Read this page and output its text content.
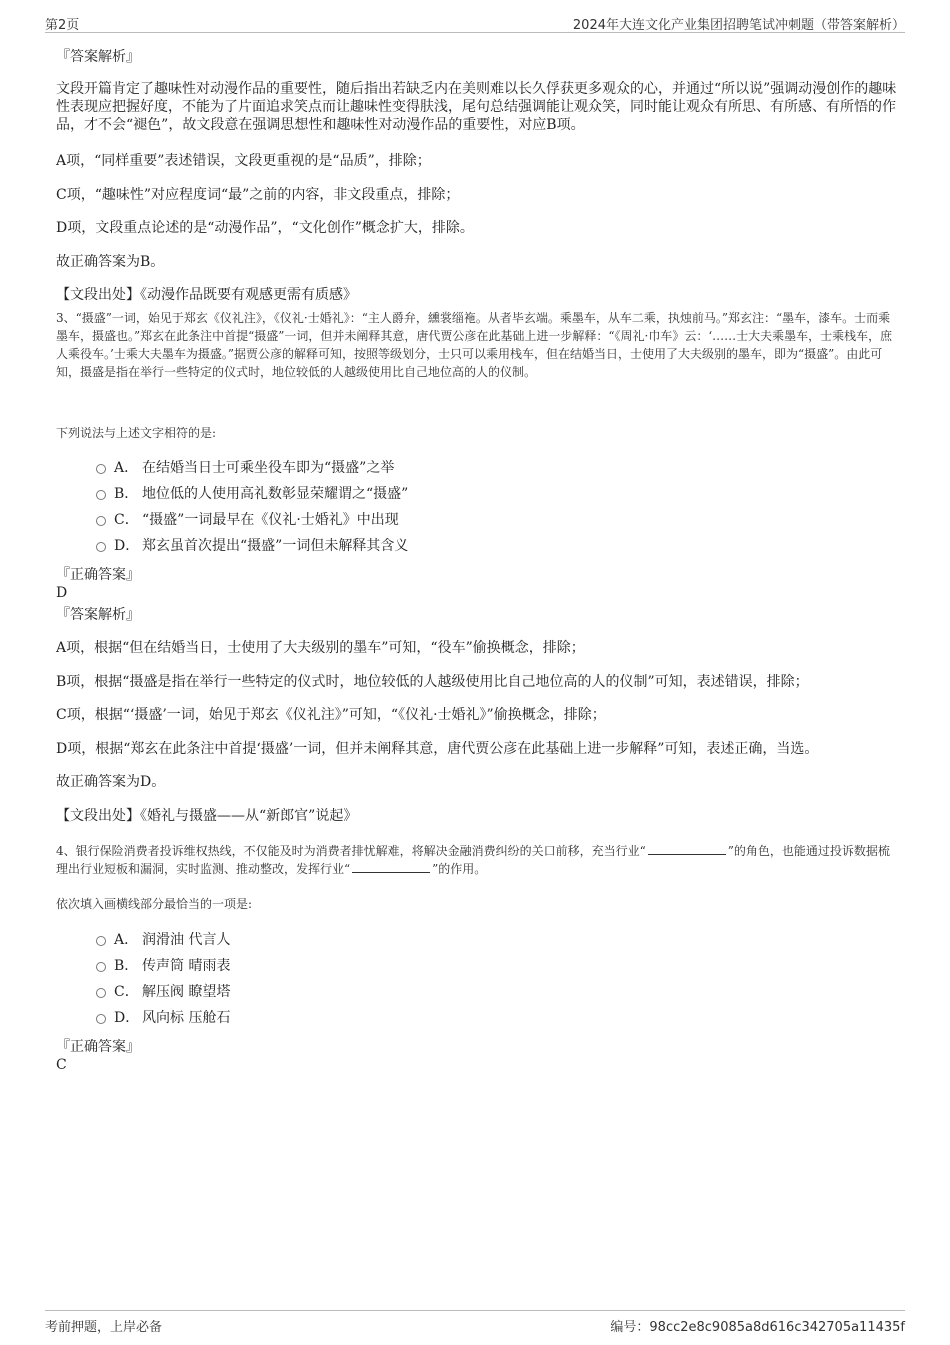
第2页	2024年大连文化产业集团招聘笔试冲刺题（带答案解析）
『答案解析』
文段开篇肯定了趣味性对动漫作品的重要性，随后指出若缺乏内在美则难以长久俘获更多观众的心，并通过“所以说”强调动漫创作的趣味性表现应把握好度，不能为了片面追求笑点而让趣味性变得肤浅，尾句总结强调能让观众笑，同时能让观众有所思、有所感、有所悟的作品，才不会“褪色”，故文段意在强调思想性和趣味性对动漫作品的重要性，对应B项。
A项，“同样重要”表述错误，文段更重视的是“品质”，排除；
C项，“趣味性”对应程度词“最”之前的内容，非文段重点，排除；
D项，文段重点论述的是“动漫作品”，“文化创作”概念扩大，排除。
故正确答案为B。
【文段出处】《动漫作品既要有观感更需有质感》
3、“摄盛”一词，始见于郑玄《仪礼注》，《仪礼·士婚礼》：“主人爵弁，纁裳缁袘。从者毕玄端。乘墨车，从车二乘，执烛前马。”郑玄注：“墨车，漆车。士而乘墨车，摄盛也。”郑玄在此条注中首提“摄盛”一词，但并未阐释其意，唐代贾公彦在此基础上进一步解释：“《周礼·巾车》云：‘……士大夫乘墨车，士乘栈车，庶人乘役车。’士乘大夫墨车为摄盛。”据贾公彦的解释可知，按照等级划分，士只可以乘用栈车，但在结婚当日，士使用了大夫级别的墨车，即为“摄盛”。由此可知，摄盛是指在举行一些特定的仪式时，地位较低的人越级使用比自己地位高的人的仪制。
下列说法与上述文字相符的是:
A． 在结婚当日士可乘坐役车即为“摄盛”之举
B． 地位低的人使用高礼数彰显荣耀谓之“摄盛”
C． “摄盛”一词最早在《仪礼·士婚礼》中出现
D． 郑玄虽首次提出“摄盛”一词但未解释其含义
『正确答案』
D
『答案解析』
A项，根据“但在结婚当日，士使用了大夫级别的墨车”可知，“役车”偷换概念，排除；
B项，根据“摄盛是指在举行一些特定的仪式时，地位较低的人越级使用比自己地位高的人的仪制”可知，表述错误，排除；
C项，根据“‘摄盛’一词，始见于郑玄《仪礼注》”可知，“《仪礼·士婚礼》”偷换概念，排除；
D项，根据“郑玄在此条注中首提‘摄盛’一词，但并未阐释其意，唐代贾公彦在此基础上进一步解释”可知，表述正确，当选。
故正确答案为D。
【文段出处】《婚礼与摄盛——从“新郎官”说起》
4、银行保险消费者投诉维权热线，不仅能及时为消费者排忧解难，将解决金融消费纠纷的关口前移，充当行业“	”的角色，也能通过投诉数据梳理出行业短板和漏洞，实时监测、推动整改，发挥行业“	”的作用。
依次填入画横线部分最恰当的一项是:
A． 润滑油 代言人
B． 传声筒 晴雨表
C． 解压阀 瞭望塔
D． 风向标 压舱石
『正确答案』
C
考前押题，上岸必备	编号：98cc2e8c9085a8d616c342705a11435f
